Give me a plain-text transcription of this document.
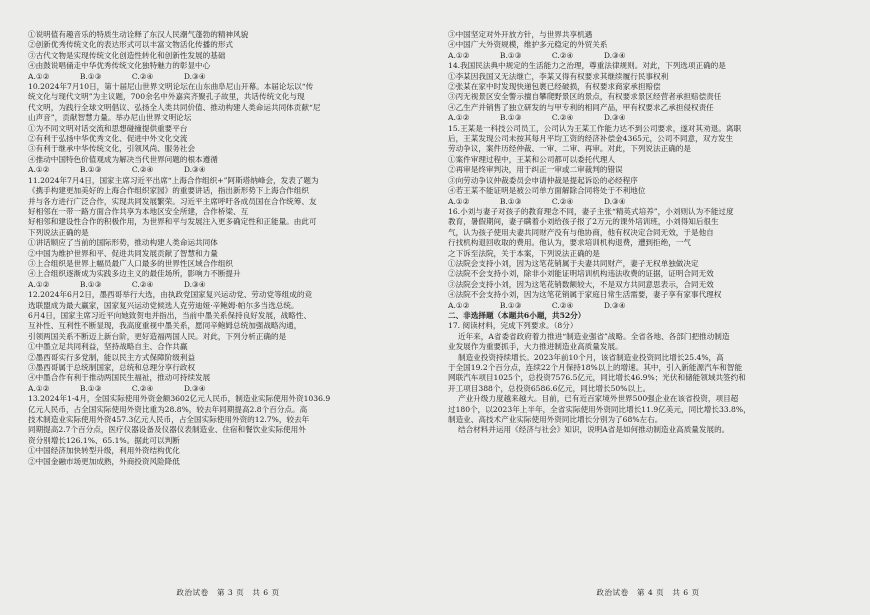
①说明值有趣音乐的特质生动诠释了东汉人民潮气蓬勃的精神风貌
②创新优秀传统文化的表达形式可以丰富文物活化传播的形式
③古代文物是实现传统文化创造性转化和创新性发展的基础
④由鼓说唱俑走中华优秀传统文化独特魅力的彰显中心
A.①②　　　　B.①③　　　　C.②④　　　　D.③④
10.2024年7月10日，第十届尼山世界文明论坛在山东曲阜尼山开幕。本届论坛以“传
统文化与现代文明”为主议题，700余名中外嘉宾齐聚孔子故里，共话传统文化与现
代文明，为践行全球文明倡议、弘扬全人类共同价值、推动构建人类命运共同体贡献“尼
山声音”，贡献智慧力量。举办尼山世界文明论坛
①为不同文明对话交流和思想碰撞提供重要平台
②有利于弘扬中华优秀文化、促进中外文化交流
③有利于继承中华传统文化，引领风尚、服务社会
④推动中国特色价值观成为解决当代世界问题的根本遵循
A.①②　　　　B.①③　　　　C.②④　　　　D.③④
11.2024年7月4日，国家主席习近平出席“上海合作组织+”阿斯塔纳峰会，发表了题为
《携手构建更加美好的上海合作组织家园》的重要讲话，指出新形势下上海合作组织
并与各方进行广泛合作，实现共同发展繁荣。习近平主席呼吁各成员国在合作统筹、友
好相邻在一带一路方面合作共享为本地区安全所建，合作桥梁、互
好相邻和建设性合作的积极作用，为世界和平与发展注入更多确定性和正能量。由此可
下列说法正确的是
①讲话顺应了当前的国际形势，推动构建人类命运共同体
②中国为维护世界和平、促进共同发展贡献了智慧和力量
③上合组织是世界上幅员最广人口最多的世界性区域合作组织
④上合组织逐渐成为实践多边主义的最佳场所，影响力不断提升
A.①②　　　　B.①③　　　　C.②④　　　　D.③④
12.2024年6月2日，墨西哥举行大选，由执政党国家复兴运动党、劳动党等组成的竞
选联盟成为最大赢家，国家复兴运动党候选人克劳迪娅·辛鲍姆·帕尔多当选总统。
6月4日，国家主席习近平向她致贺电并指出，当前中墨关系保持良好发展，战略性、
互补性、互利性不断显现，我高度重视中墨关系，愿同辛鲍姆总统加强战略沟通，
引领两国关系不断迈上新台阶，更好造福两国人民。对此，下列分析正确的是
①中墨立足共同利益，坚持战略自主、合作共赢
②墨西哥实行多党制，能以民主方式保障阶级利益
③墨西哥属于总统制国家，总统和总理分享行政权
④中墨合作有利于推动两国民生福祉，推动可持续发展
A.①②　　　　B.①③　　　　C.②④　　　　D.③④
13.2024年1-4月，全国实际使用外资金额3602亿元人民币，制造业实际使用外资1036.9
亿元人民币，占全国实际使用外资比重为28.8%，较去年同期提高2.8个百分点。高
技术制造业实际使用外资457.3亿元人民币，占全国实际使用外资的12.7%，较去年
同期提高2.7个百分点，医疗仪器设备及仪器仪表制造业、住宿和餐饮业实际使用外
资分别增长126.1%、65.1%。据此可以判断
①中国经济加快转型升级，利用外资结构优化
②中国金融市场更加成熟，外商投资风险降低
政治试卷　第 3 页　共 6 页
③中国坚定对外开放方针，与世界共享机遇
④中国广大外资规模，维护多元稳定的外贸关系
A.①②　　　　B.①③　　　　C.②④　　　　D.③④
14.我国民法典中规定的生活能力之治理，尊重法律规则。对此，下列选项正确的是
①李某因我国又无法继亡，李某又得有权要求其继续履行民事权利
②张某在家中时发现快递包裹已经破损，有权要求商家承担赔偿
③丙无视景区安全警示擅自攀爬野景区的景点，有权要求景区经营者承担赔偿责任
④乙生产并销售了独立研发的与甲专利的相同产品，甲有权要求乙承担侵权责任
A.①②　　　　B.①③　　　　C.②④　　　　D.③④
15.王某是一科技公司员工，公司认为王某工作能力达不到公司要求，遂对其劝退。离职
后，王某发现公司未按其每月平均工资的经济补偿金4365元，公司不同意，双方发生
劳动争议，案件历经仲裁、一审、二审、再审。对此，下列说法正确的是
①案件审理过程中，王某和公司都可以委托代理人
②再审是终审判决，用于纠正一审或二审裁判的错误
③向劳动争议仲裁委员会申请仲裁是提起诉讼的必经程序
④若王某不能证明是被公司单方面解除合同将处于不利地位
A.①②　　　　B.①③　　　　C.②④　　　　D.③④
16.小刘与妻子对孩子的教育理念不同，妻子主张“精英式培养”，小刘则认为不能过度
教育，暑假期间，妻子瞒着小刘给孩子报了2万元的课外培训班，小刘得知后很生
气，认为孩子使用夫妻共同财产没有与他协商，他有权决定合同无效，于是他自
行找机构退回收取的费用。他认为，要求培训机构退费，遭到拒绝，一气
之下诉至法院，关于本案，下列说法正确的是
①法院会支持小刘，因为这笔花销属于夫妻共同财产，妻子无权单独做决定
②法院不会支持小刘，除非小刘能证明培训机构违法收费的证据，证明合同无效
③法院会支持小刘，因为这笔花销数额较大，不是双方共同意思表示，合同无效
④法院不会支持小刘，因为这笔花销属于家庭日常生活需要，妻子享有家事代理权
A.①②　　　　B.①③　　　　C.②④　　　　D.③④
二、非选择题（本题共6小题，共52分）
17. 阅读材料，完成下列要求。（8分）
近年来，A省委省政府着力推进“制造业强省”战略。全省各地、各部门把推动制造
业发展作为重要抓手，大力推进制造业高质量发展。
制造业投资持续增长。2023年前10个月，该省制造业投资同比增长25.4%，高
于全国19.2个百分点，连续22个月保持18%以上的增速。其中，引入新能源汽车和智能
网联汽车项目1025个，总投资7576.5亿元，同比增长46.9%；光伏和储能领域共签约和
开工项目388个，总投资6586.6亿元，同比增长50%以上。
产业升级力度越来越大。目前，已有近百家境外世界500强企业在该省投资，项目超
过180个，以2023年上半年，全省实际使用外资同比增长11.9亿美元，同比增长33.8%，
制造业、高技术产业实际使用外资同比增长分别为了68%左右。
结合材料并运用《经济与社会》知识，说明A省是如何推动制造业高质量发展的。
政治试卷　第 4 页　共 6 页
